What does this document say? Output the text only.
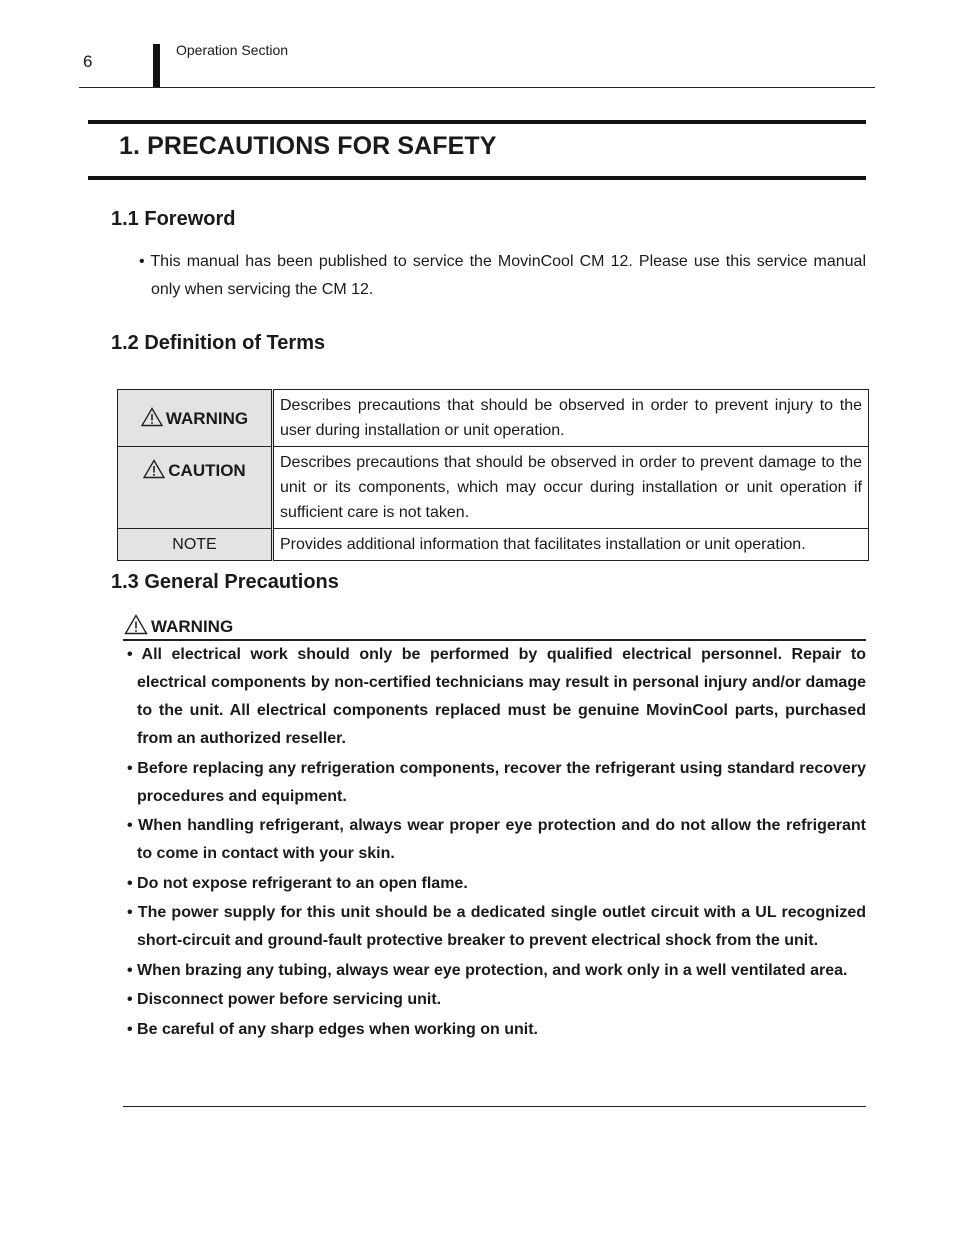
6
Operation Section
1. PRECAUTIONS FOR SAFETY
1.1 Foreword

• This manual has been published to service the MovinCool CM 12. Please use this service manual only when servicing the CM 12.

1.2 Definition of Terms
WARNING	Describes precautions that should be observed in order to prevent injury to the user during installation or unit operation.
CAUTION	Describes precautions that should be observed in order to prevent damage to the unit or its components, which may occur during installation or unit operation if sufficient care is not taken.
NOTE	Provides additional information that facilitates installation or unit operation.
1.3 General Precautions
WARNING
• All electrical work should only be performed by qualified electrical personnel. Repair to electrical components by non-certified technicians may result in personal injury and/or damage to the unit. All electrical components replaced must be genuine MovinCool parts, purchased from an authorized reseller.
• Before replacing any refrigeration components, recover the refrigerant using standard recovery procedures and equipment.
• When handling refrigerant, always wear proper eye protection and do not allow the refrigerant to come in contact with your skin.
• Do not expose refrigerant to an open flame.
• The power supply for this unit should be a dedicated single outlet circuit with a UL recognized short-circuit and ground-fault protective breaker to prevent electrical shock from the unit.
• When brazing any tubing, always wear eye protection, and work only in a well ventilated area.
• Disconnect power before servicing unit.
• Be careful of any sharp edges when working on unit.
